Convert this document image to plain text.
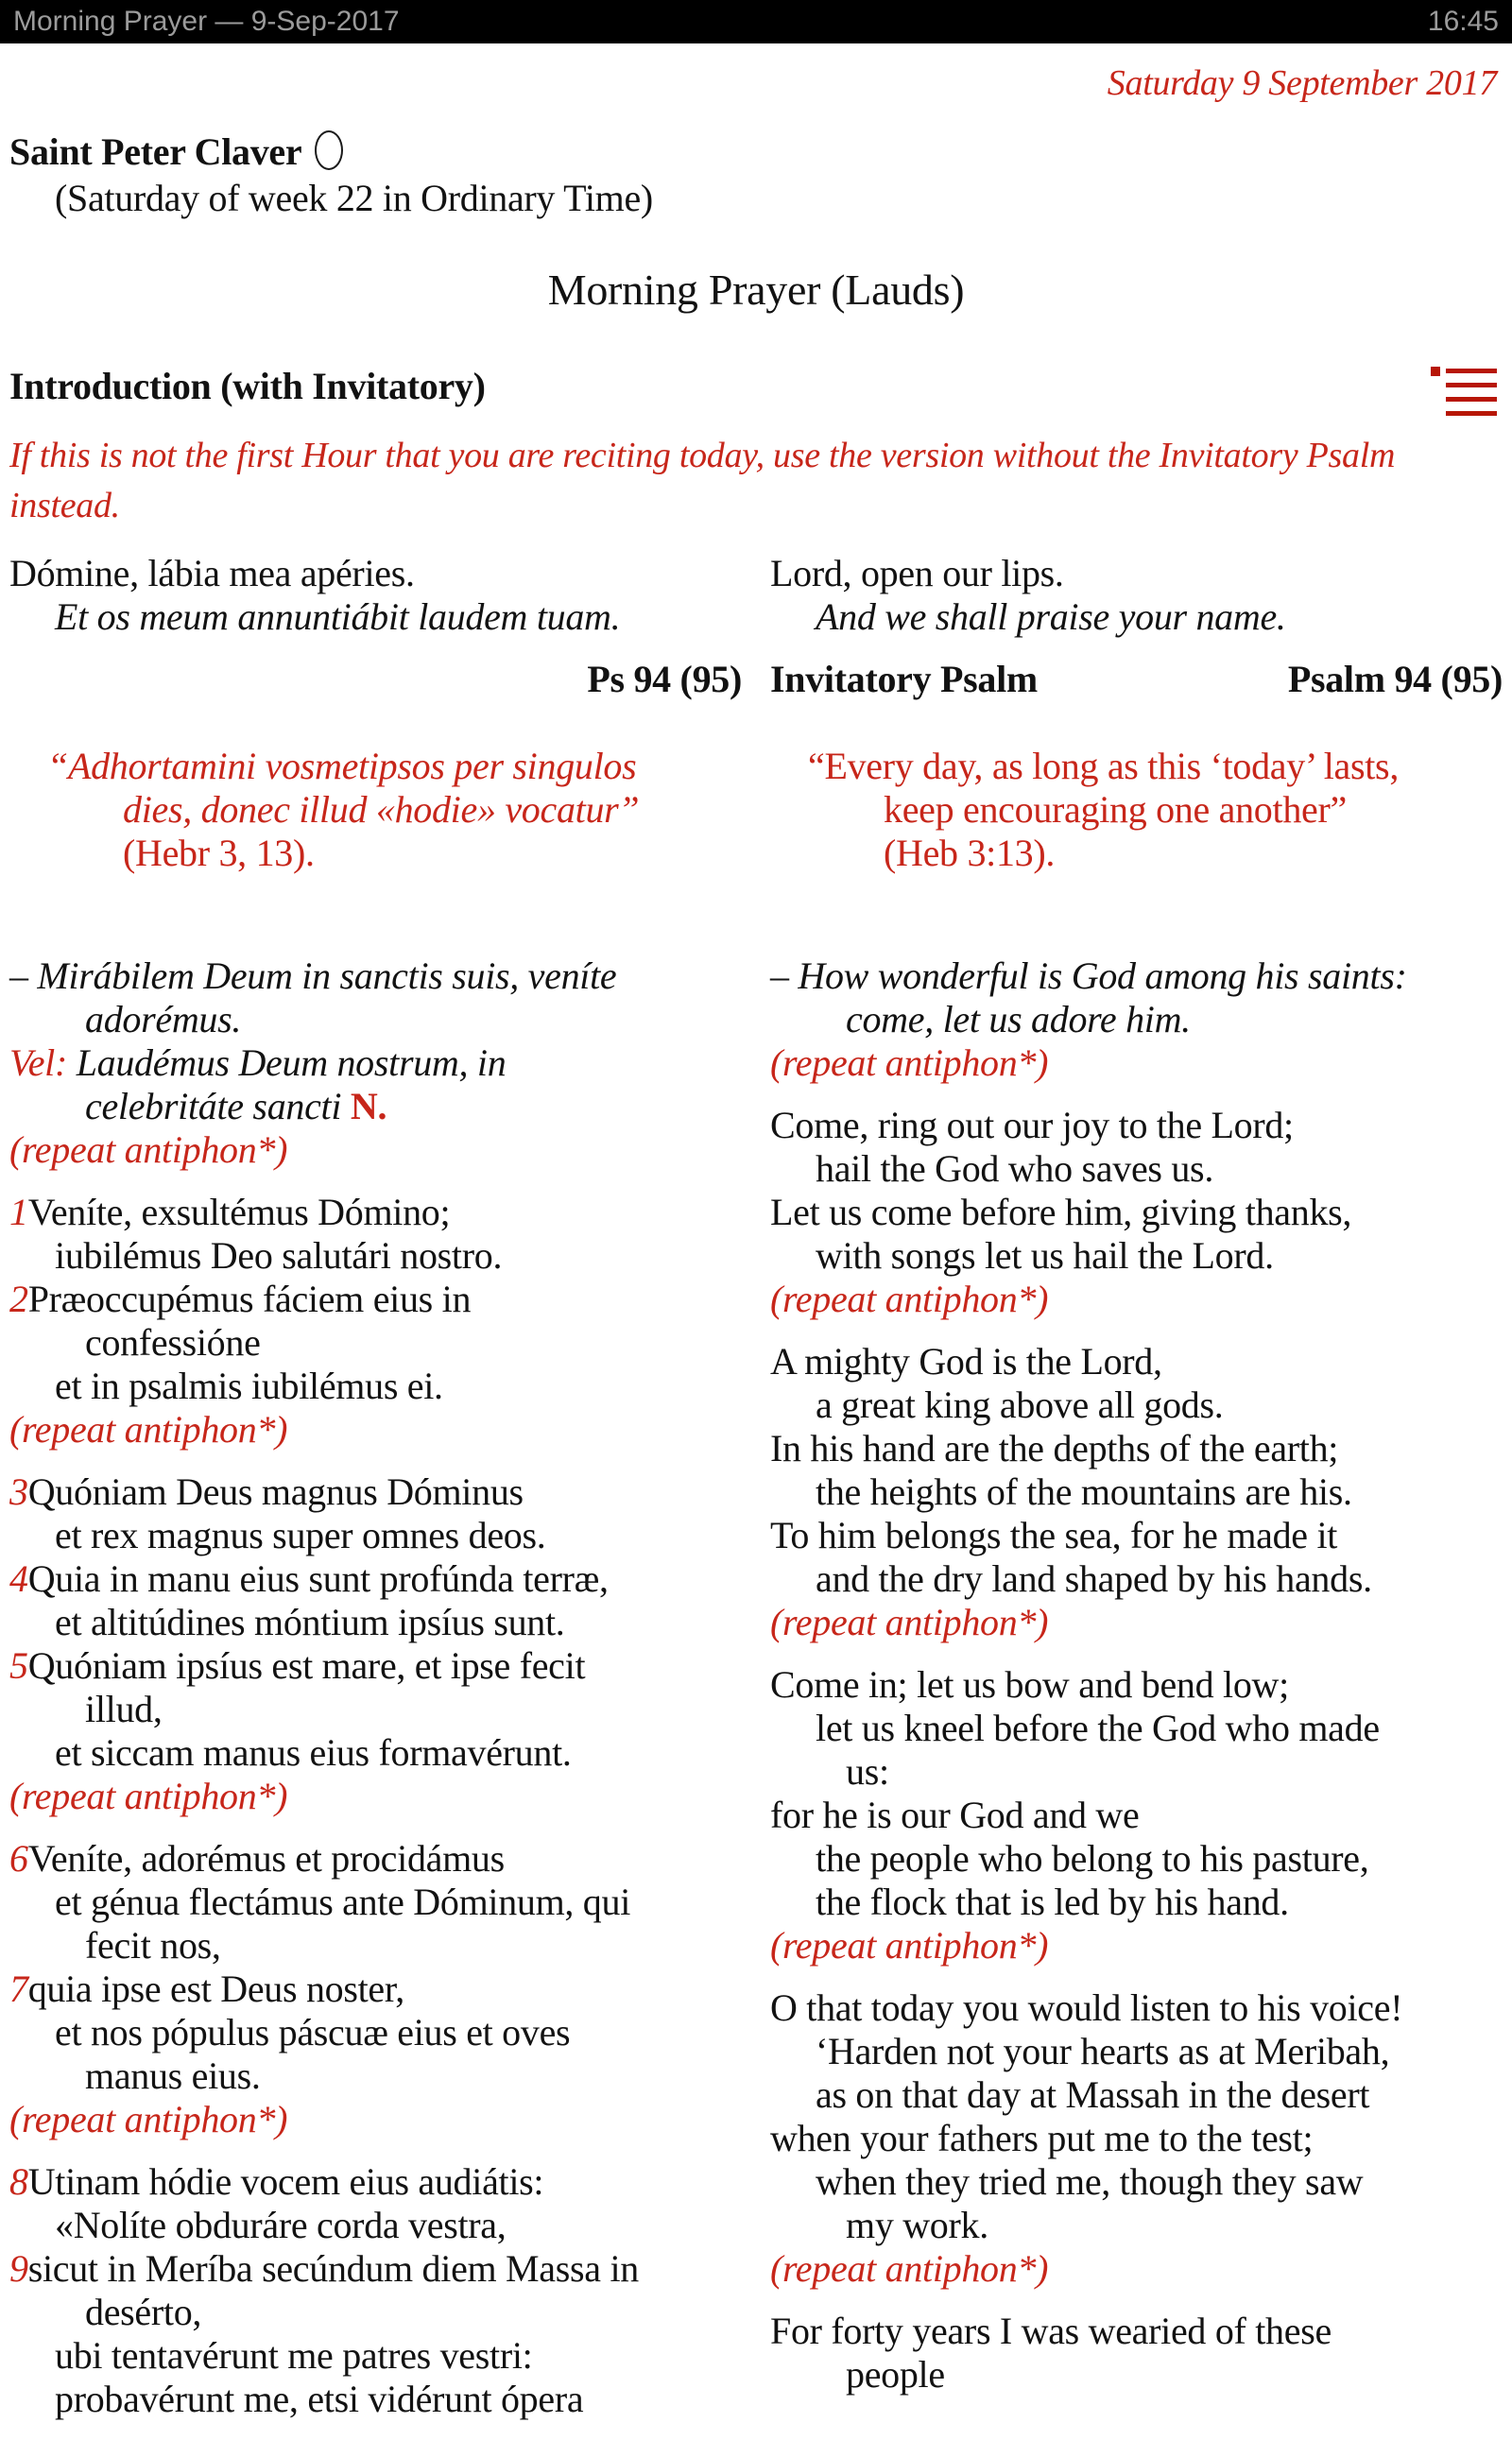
Morning Prayer — 9-Sep-2017	16:45
Saturday 9 September 2017
Saint Peter Claver
(Saturday of week 22 in Ordinary Time)
Morning Prayer (Lauds)
Introduction (with Invitatory)
If this is not the first Hour that you are reciting today, use the version without the Invitatory Psalm instead.
Dómine, lábia mea apéries.
Et os meum annuntiábit laudem tuam.
Ps 94 (95)
“Adhortamini vosmetipsos per singulos
dies, donec illud «hodie» vocatur”
(Hebr 3, 13).
– Mirábilem Deum in sanctis suis, veníte
adorémus.
Vel: Laudémus Deum nostrum, in
celebritáte sancti N.
(repeat antiphon*)
1Veníte, exsultémus Dómino;
iubilémus Deo salutári nostro.
2Præoccupémus fáciem eius in
confessióne
et in psalmis iubilémus ei.
(repeat antiphon*)
3Quóniam Deus magnus Dóminus
et rex magnus super omnes deos.
4Quia in manu eius sunt profúnda terræ,
et altitúdines móntium ipsíus sunt.
5Quóniam ipsíus est mare, et ipse fecit
illud,
et siccam manus eius formavérunt.
(repeat antiphon*)
6Veníte, adorémus et procidámus
et génua flectámus ante Dóminum, qui
fecit nos,
7quia ipse est Deus noster,
et nos pópulus páscuæ eius et oves
manus eius.
(repeat antiphon*)
8Utinam hódie vocem eius audiátis:
«Nolíte obduráre corda vestra,
9sicut in Meríba secúndum diem Massa in
desérto,
ubi tentavérunt me patres vestri:
probavérunt me, etsi vidérunt ópera
Lord, open our lips.
And we shall praise your name.
Invitatory Psalm	Psalm 94 (95)
“Every day, as long as this ‘today’ lasts,
keep encouraging one another”
(Heb 3:13).
– How wonderful is God among his saints:
come, let us adore him.
(repeat antiphon*)
Come, ring out our joy to the Lord;
hail the God who saves us.
Let us come before him, giving thanks,
with songs let us hail the Lord.
(repeat antiphon*)
A mighty God is the Lord,
a great king above all gods.
In his hand are the depths of the earth;
the heights of the mountains are his.
To him belongs the sea, for he made it
and the dry land shaped by his hands.
(repeat antiphon*)
Come in; let us bow and bend low;
let us kneel before the God who made
us:
for he is our God and we
the people who belong to his pasture,
the flock that is led by his hand.
(repeat antiphon*)
O that today you would listen to his voice!
‘Harden not your hearts as at Meribah,
as on that day at Massah in the desert
when your fathers put me to the test;
when they tried me, though they saw
my work.
(repeat antiphon*)
For forty years I was wearied of these
people
